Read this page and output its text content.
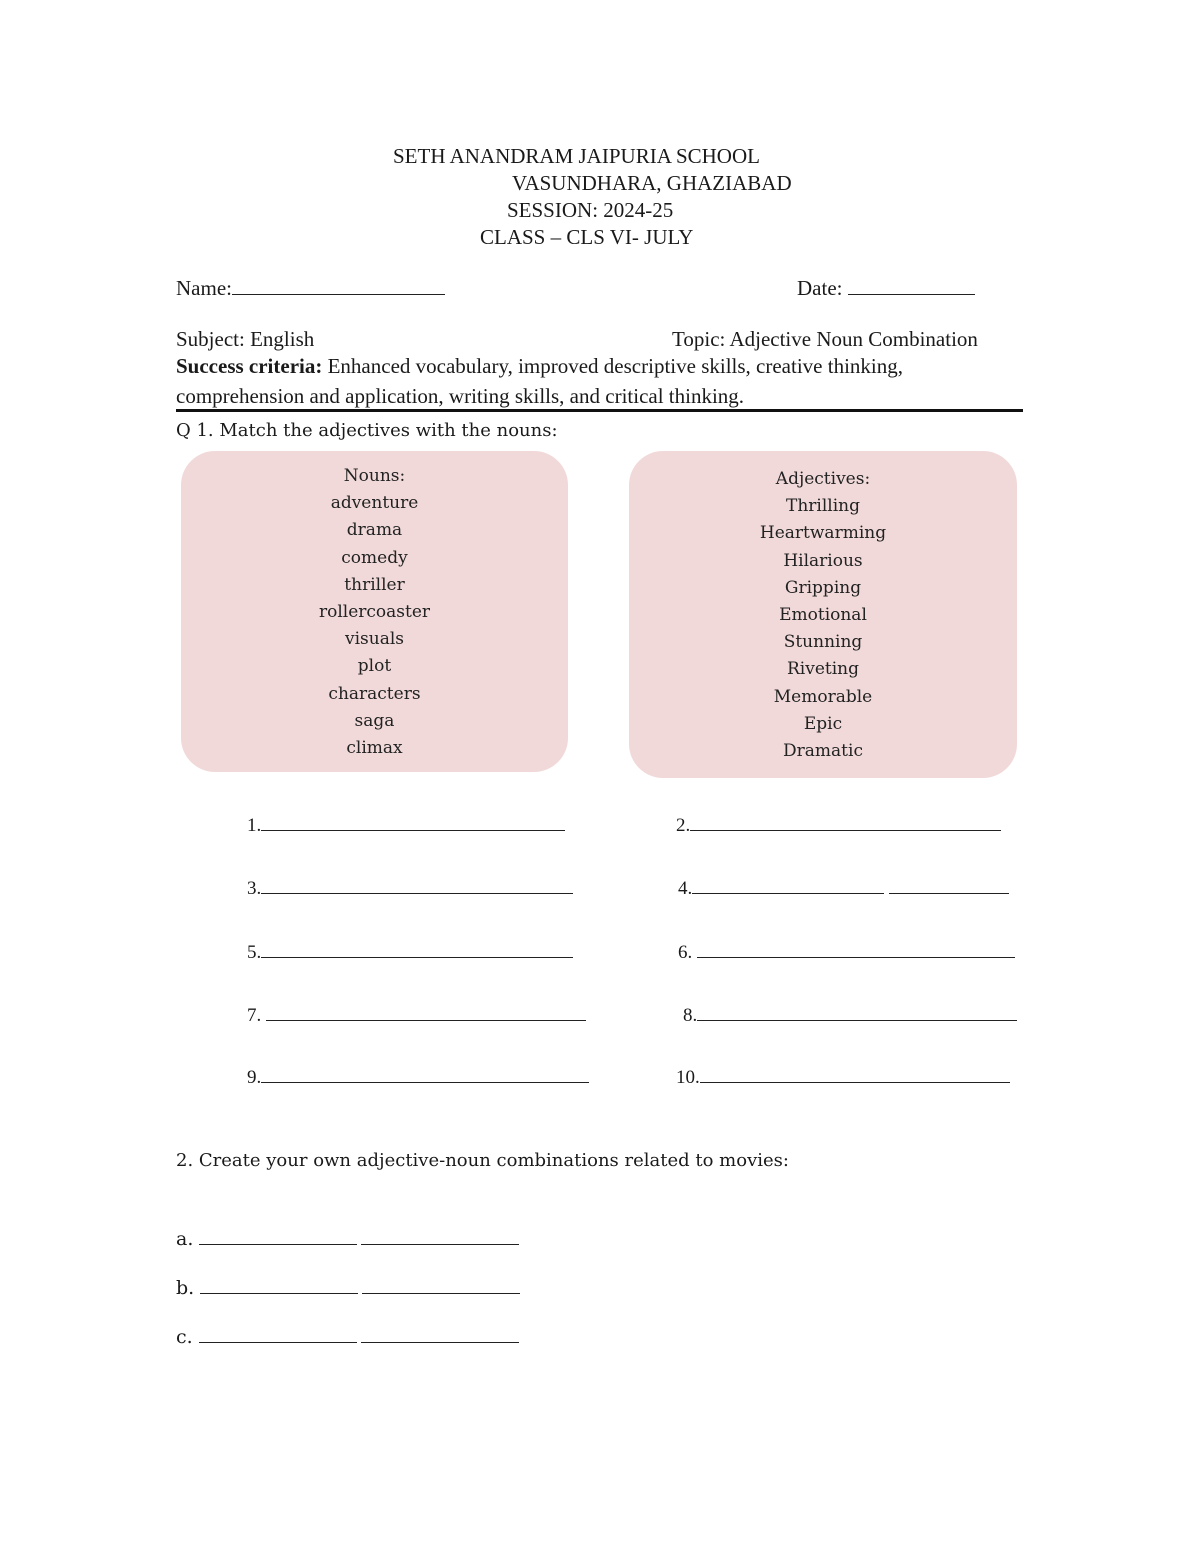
SETH ANANDRAM JAIPURIA SCHOOL
VASUNDHARA, GHAZIABAD
SESSION: 2024-25
CLASS – CLS VI- JULY
Name:	Date:
Subject: English	Topic: Adjective Noun Combination
Success criteria: Enhanced vocabulary, improved descriptive skills, creative thinking,
comprehension and application, writing skills, and critical thinking.
Q 1. Match the adjectives with the nouns:
Nouns:
adventure
drama
comedy
thriller
rollercoaster
visuals
plot
characters
saga
climax
Adjectives:
Thrilling
Heartwarming
Hilarious
Gripping
Emotional
Stunning
Riveting
Memorable
Epic
Dramatic
1.	2.
3.	4.
5.	6.
7.	8.
9.	10.
2. Create your own adjective-noun combinations related to movies:
a.
b.
c.
